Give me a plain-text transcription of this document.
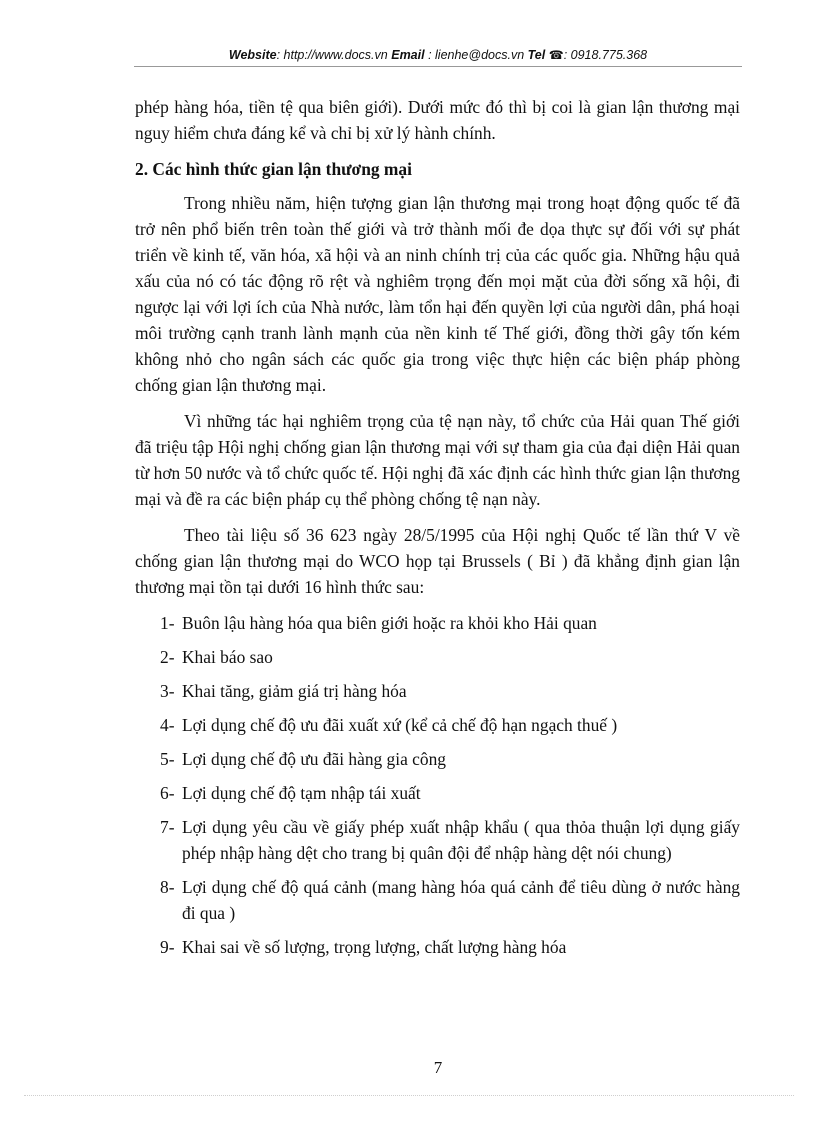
Website: http://www.docs.vn Email : lienhe@docs.vn Tel ☎: 0918.775.368

phép hàng hóa, tiền tệ qua biên giới). Dưới mức đó thì bị coi là gian lận thương mại nguy hiểm chưa đáng kể và chỉ bị xử lý hành chính.

2. Các hình thức gian lận thương mại

Trong nhiều năm, hiện tượng gian lận thương mại trong hoạt động quốc tế đã trở nên phổ biến trên toàn thế giới và trở thành mối đe dọa thực sự đối với sự phát triển về kinh tế, văn hóa, xã hội và an ninh chính trị của các quốc gia. Những hậu quả xấu của nó có tác động rõ rệt và nghiêm trọng đến mọi mặt của đời sống xã hội, đi ngược lại với lợi ích của Nhà nước, làm tổn hại đến quyền lợi của người dân, phá hoại môi trường cạnh tranh lành mạnh của nền kinh tế Thế giới, đồng thời gây tốn kém không nhỏ cho ngân sách các quốc gia trong việc thực hiện các biện pháp phòng chống gian lận thương mại.

Vì những tác hại nghiêm trọng của tệ nạn này, tổ chức của Hải quan Thế giới đã triệu tập Hội nghị chống gian lận thương mại với sự tham gia của đại diện Hải quan từ hơn 50 nước và tổ chức quốc tế. Hội nghị đã xác định các hình thức gian lận thương mại và đề ra các biện pháp cụ thể phòng chống tệ nạn này.

Theo tài liệu số 36 623 ngày 28/5/1995 của Hội nghị Quốc tế lần thứ V về chống gian lận thương mại do WCO họp tại Brussels ( Bỉ ) đã khẳng định gian lận thương mại tồn tại dưới 16 hình thức sau:

1- Buôn lậu hàng hóa qua biên giới hoặc ra khỏi kho Hải quan
2- Khai báo sao
3- Khai tăng, giảm giá trị hàng hóa
4- Lợi dụng chế độ ưu đãi xuất xứ (kể cả chế độ hạn ngạch thuế )
5- Lợi dụng chế độ ưu đãi hàng gia công
6- Lợi dụng chế độ tạm nhập tái xuất
7- Lợi dụng yêu cầu về giấy phép xuất nhập khẩu ( qua thỏa thuận lợi dụng giấy phép nhập hàng dệt cho trang bị quân đội để nhập hàng dệt nói chung)
8- Lợi dụng chế độ quá cảnh (mang hàng hóa quá cảnh để tiêu dùng ở nước hàng đi qua )
9- Khai sai về số lượng, trọng lượng, chất lượng hàng hóa
7
